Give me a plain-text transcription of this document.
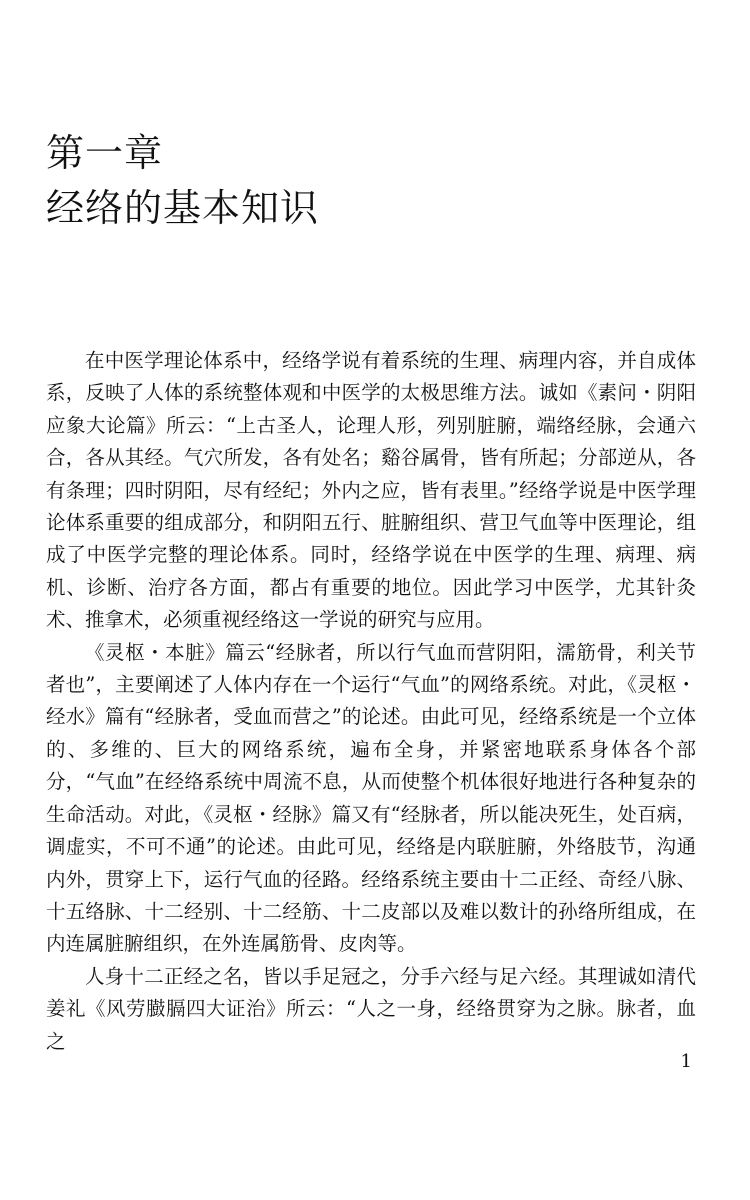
第一章
经络的基本知识

在中医学理论体系中，经络学说有着系统的生理、病理内容，并自成体系，反映了人体的系统整体观和中医学的太极思维方法。诚如《素问・阴阳应象大论篇》所云：“上古圣人，论理人形，列别脏腑，端络经脉，会通六合，各从其经。气穴所发，各有处名；谿谷属骨，皆有所起；分部逆从，各有条理；四时阴阳，尽有经纪；外内之应，皆有表里。”经络学说是中医学理论体系重要的组成部分，和阴阳五行、脏腑组织、营卫气血等中医理论，组成了中医学完整的理论体系。同时，经络学说在中医学的生理、病理、病机、诊断、治疗各方面，都占有重要的地位。因此学习中医学，尤其针灸术、推拿术，必须重视经络这一学说的研究与应用。

《灵枢・本脏》篇云“经脉者，所以行气血而营阴阳，濡筋骨，利关节者也”，主要阐述了人体内存在一个运行“气血”的网络系统。对此，《灵枢・经水》篇有“经脉者，受血而营之”的论述。由此可见，经络系统是一个立体的、多维的、巨大的网络系统，遍布全身，并紧密地联系身体各个部分，“气血”在经络系统中周流不息，从而使整个机体很好地进行各种复杂的生命活动。对此，《灵枢・经脉》篇又有“经脉者，所以能决死生，处百病，调虚实，不可不通”的论述。由此可见，经络是内联脏腑，外络肢节，沟通内外，贯穿上下，运行气血的径路。经络系统主要由十二正经、奇经八脉、十五络脉、十二经别、十二经筋、十二皮部以及难以数计的孙络所组成，在内连属脏腑组织，在外连属筋骨、皮肉等。

人身十二正经之名，皆以手足冠之，分手六经与足六经。其理诚如清代姜礼《风劳臌膈四大证治》所云：“人之一身，经络贯穿为之脉。脉者，血之

1
